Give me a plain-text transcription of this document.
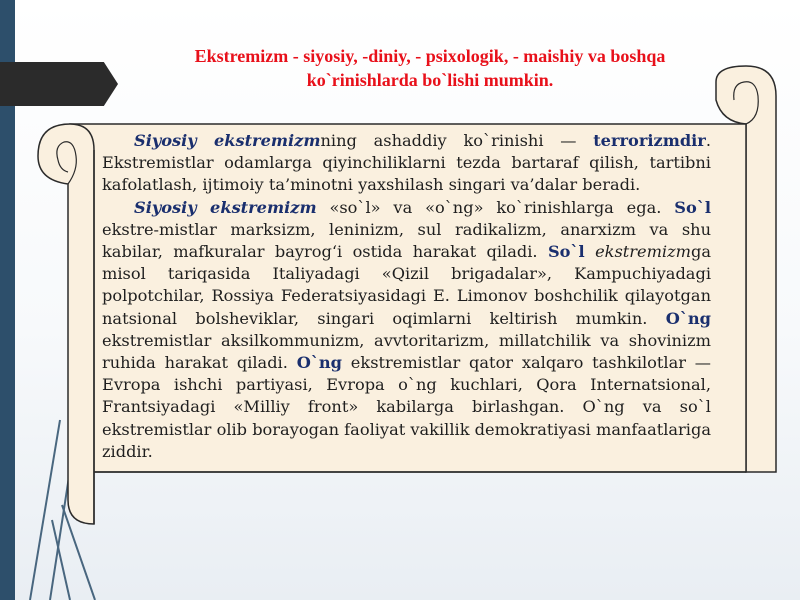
Ekstremizm - siyosiy, -diniy, - psixologik, - maishiy va boshqa
ko`rinishlarda bo`lishi mumkin.

Siyosiy ekstremizmning ashaddiy ko`rinishi — terrorizmdir. Ekstremistlar odamlarga qiyinchiliklarni tezda bartaraf qilish, tartibni kafolatlash, ijtimoiy ta’minotni yaxshilash singari va’dalar beradi.

Siyosiy ekstremizm «so`l» va «o`ng» ko`rinishlarga ega. So`l ekstre-mistlar marksizm, leninizm, sul radikalizm, anarxizm va shu kabilar, mafkuralar bayrog‘i ostida harakat qiladi. So`l ekstremizmga misol tariqasida Italiyadagi «Qizil brigadalar», Kampuchiyadagi polpotchilar, Rossiya Federatsiyasidagi E. Limonov boshchilik qilayotgan natsional bolsheviklar, singari oqimlarni keltirish mumkin. O`ng ekstremistlar aksilkommunizm, avvtoritarizm, millatchilik va shovinizm ruhida harakat qiladi. O`ng ekstremistlar qator xalqaro tashkilotlar — Evropa ishchi partiyasi, Evropa o`ng kuchlari, Qora Internatsional, Frantsiyadagi «Milliy front» kabilarga birlashgan. O`ng va so`l ekstremistlar olib borayogan faoliyat vakillik demokratiyasi manfaatlariga ziddir.
